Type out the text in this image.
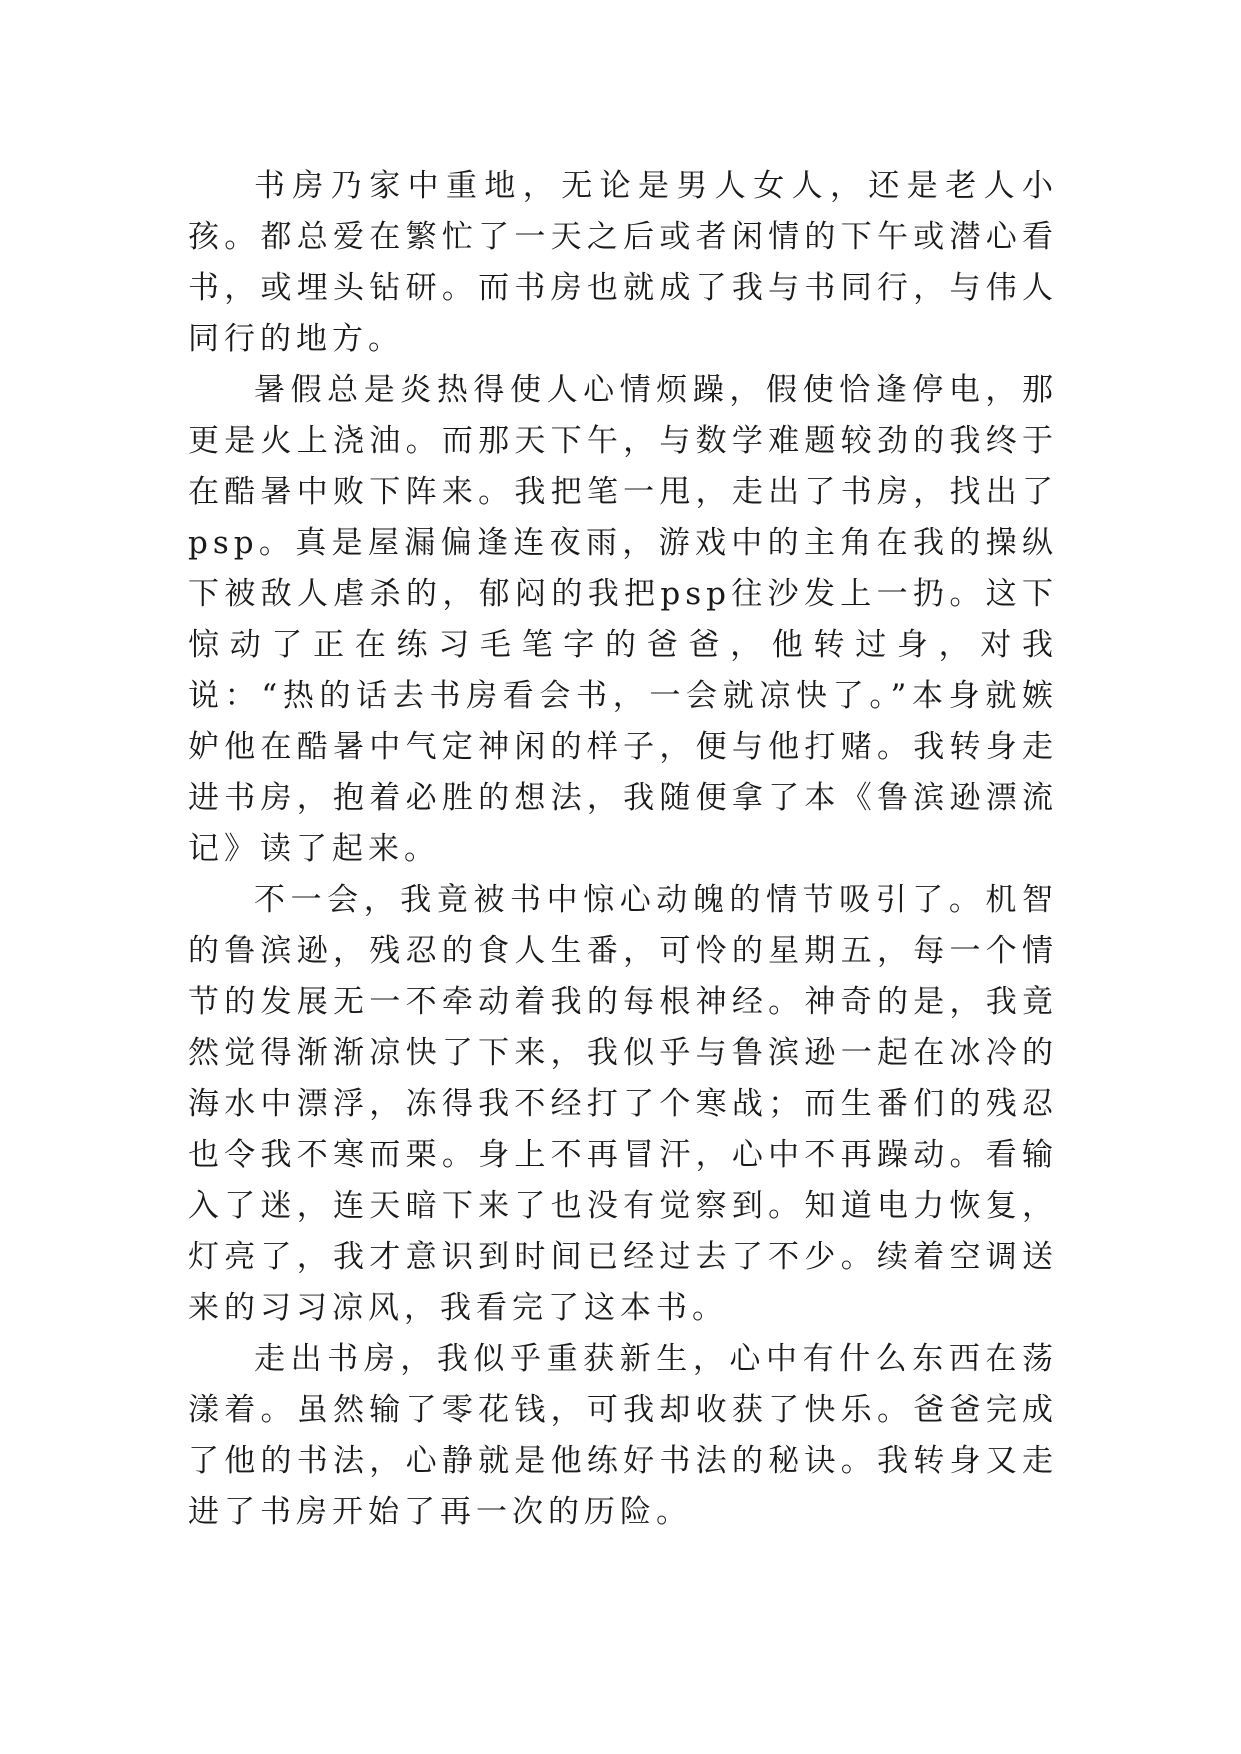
书房乃家中重地，无论是男人女人，还是老人小孩。都总爱在繁忙了一天之后或者闲情的下午或潜心看书，或埋头钻研。而书房也就成了我与书同行，与伟人同行的地方。

暑假总是炎热得使人心情烦躁，假使恰逢停电，那更是火上浇油。而那天下午，与数学难题较劲的我终于在酷暑中败下阵来。我把笔一甩，走出了书房，找出了psp。真是屋漏偏逢连夜雨，游戏中的主角在我的操纵下被敌人虐杀的，郁闷的我把psp往沙发上一扔。这下惊动了正在练习毛笔字的爸爸，他转过身，对我说：“热的话去书房看会书，一会就凉快了。”本身就嫉妒他在酷暑中气定神闲的样子，便与他打赌。我转身走进书房，抱着必胜的想法，我随便拿了本《鲁滨逊漂流记》读了起来。

不一会，我竟被书中惊心动魄的情节吸引了。机智的鲁滨逊，残忍的食人生番，可怜的星期五，每一个情节的发展无一不牵动着我的每根神经。神奇的是，我竟然觉得渐渐凉快了下来，我似乎与鲁滨逊一起在冰冷的海水中漂浮，冻得我不经打了个寒战；而生番们的残忍也令我不寒而栗。身上不再冒汗，心中不再躁动。看输入了迷，连天暗下来了也没有觉察到。知道电力恢复，灯亮了，我才意识到时间已经过去了不少。续着空调送来的习习凉风，我看完了这本书。

走出书房，我似乎重获新生，心中有什么东西在荡漾着。虽然输了零花钱，可我却收获了快乐。爸爸完成了他的书法，心静就是他练好书法的秘诀。我转身又走进了书房开始了再一次的历险。
